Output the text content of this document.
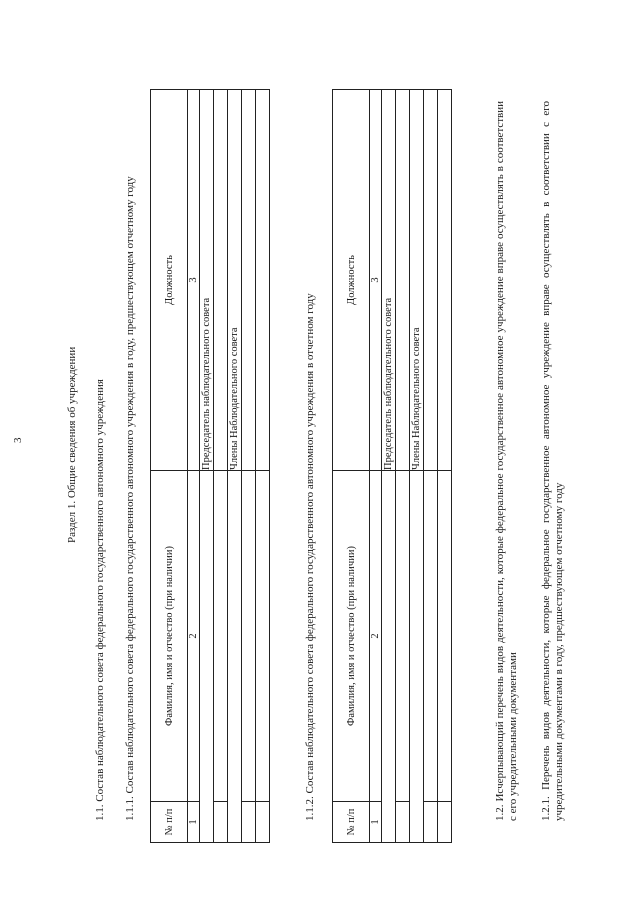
3	Раздел 1. Общие сведения об учреждении 1.1. Состав наблюдательного совета федерального государственного автономного учреждения 1.1.1. Состав наблюдательного совета федерального государственного автономного учреждения в году, предшествующем отчетному году
№ п/п	Фамилия, имя и отчество (при наличии)	Должность
1	2	3
		Председатель наблюдательного совета

		Члены Наблюдательного совета

			1.1.2. Состав наблюдательного совета федерального государственного автономного учреждения в отчетном году
№ п/п	Фамилия, имя и отчество (при наличии)	Должность
1	2	3
		Председатель наблюдательного совета

		Члены Наблюдательного совета

			1.2. Исчерпывающий перечень видов деятельности, которые федеральное государственное автономное учреждение вправе осуществлять в соответствии с его учредительными документами 1.2.1. Перечень видов деятельности, которые федеральное государственное автономное учреждение вправе осуществлять в соответствии с его учредительными документами в году, предшествующем отчетному году
